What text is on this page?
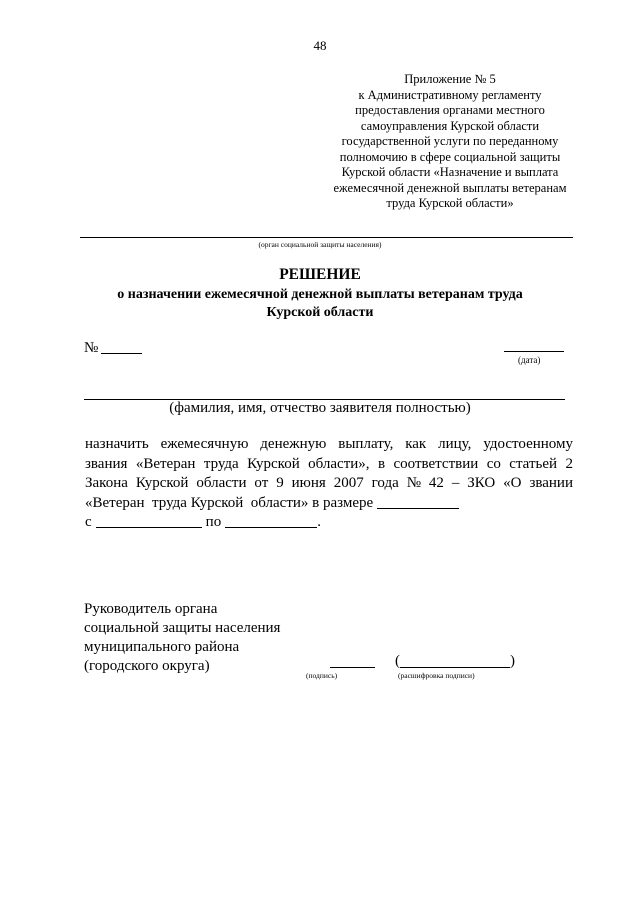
48
Приложение № 5
к Административному регламенту
предоставления органами местного
самоуправления Курской области
государственной услуги по переданному
полномочию в сфере социальной защиты
Курской области «Назначение и выплата
ежемесячной денежной выплаты ветеранам
труда Курской области»
(орган социальной защиты населения)
РЕШЕНИЕ
о назначении ежемесячной денежной выплаты ветеранам труда
Курской области
№
(дата)
(фамилия, имя, отчество заявителя полностью)
назначить ежемесячную денежную выплату, как лицу, удостоенному
звания «Ветеран труда Курской области», в соответствии со статьей 2
Закона Курской области от 9 июня 2007 года № 42 – ЗКО «О звании
«Ветеран  труда Курской  области» в размере
с	по	.
Руководитель органа
социальной защиты населения
муниципального района
(городского округа)
(подпись)
(	)
(расшифровка подписи)
